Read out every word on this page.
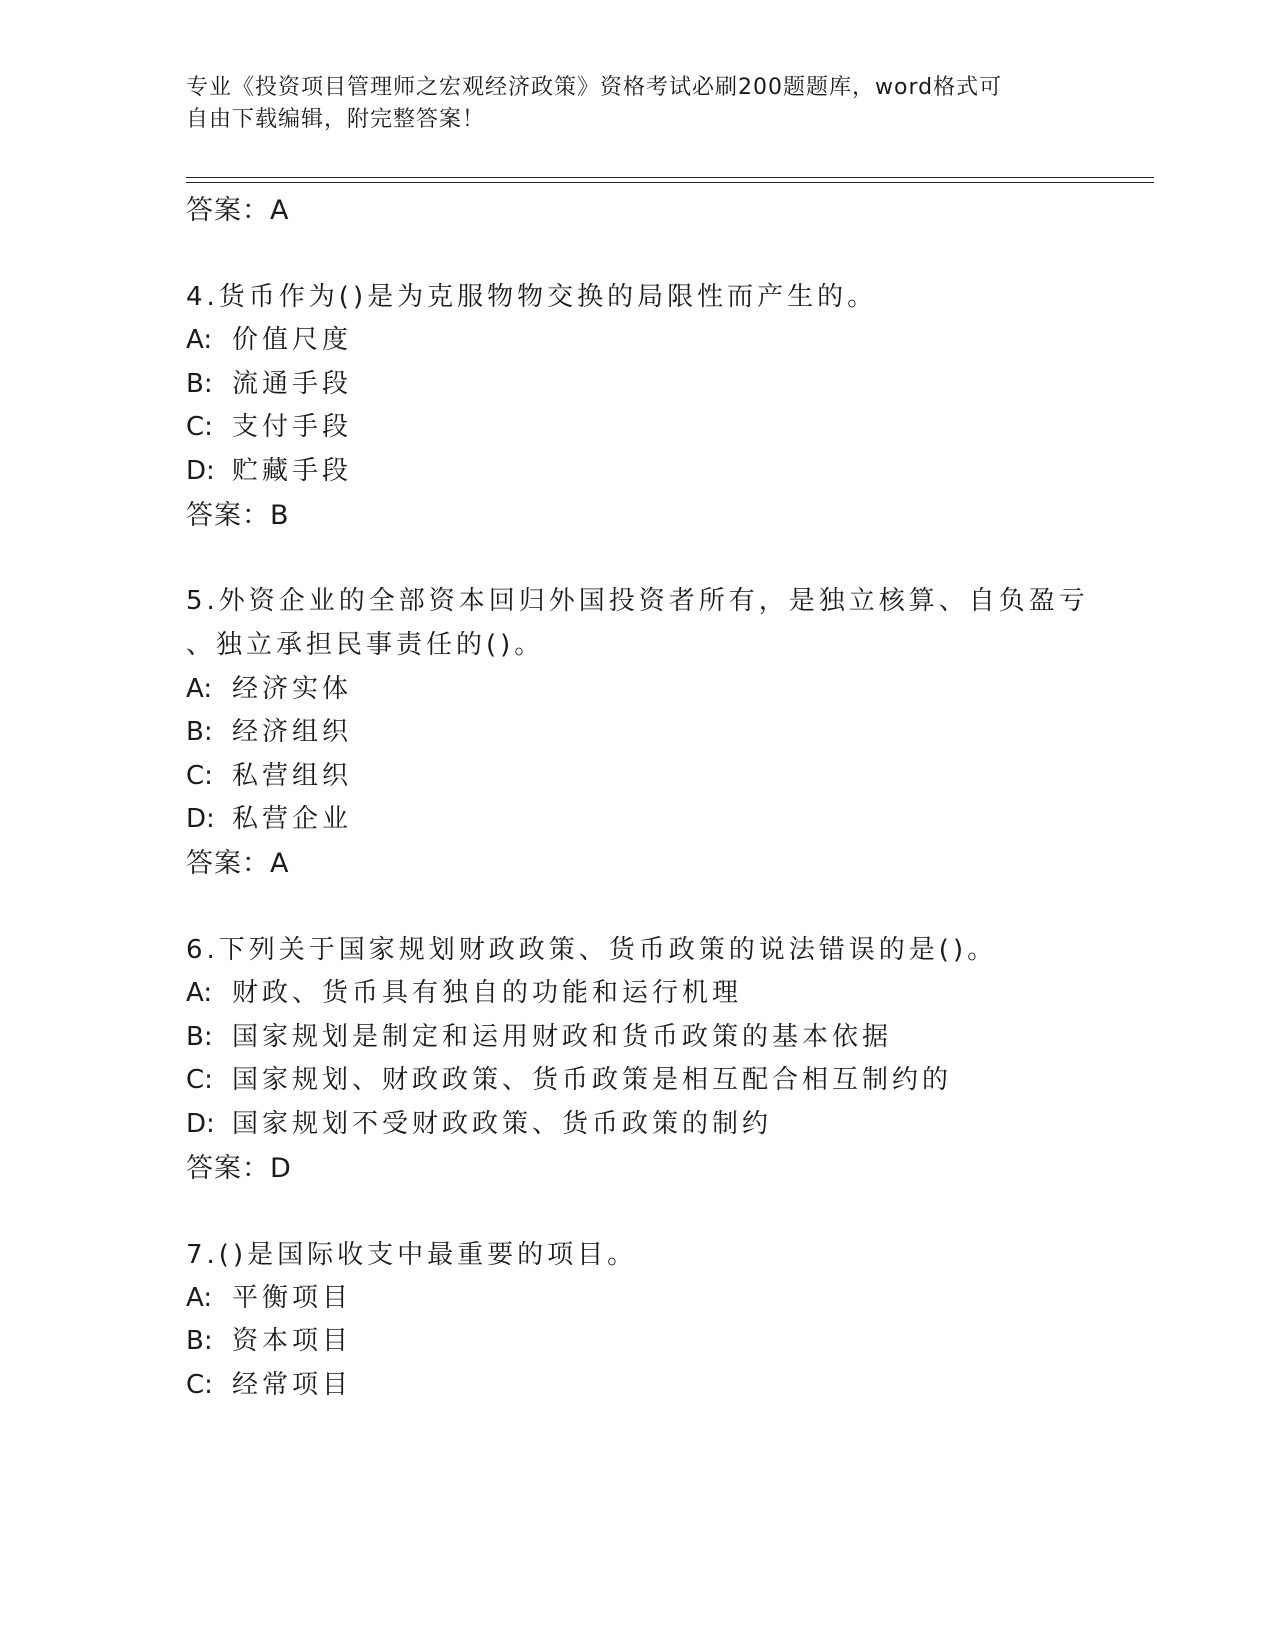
专业《投资项目管理师之宏观经济政策》资格考试必刷200题题库，word格式可
自由下载编辑，附完整答案！
答案：A
4.货币作为()是为克服物物交换的局限性而产生的。
A: 价值尺度
B: 流通手段
C: 支付手段
D: 贮藏手段
答案：B
5.外资企业的全部资本回归外国投资者所有，是独立核算、自负盈亏
、独立承担民事责任的()。
A: 经济实体
B: 经济组织
C: 私营组织
D: 私营企业
答案：A
6.下列关于国家规划财政政策、货币政策的说法错误的是()。
A: 财政、货币具有独自的功能和运行机理
B: 国家规划是制定和运用财政和货币政策的基本依据
C: 国家规划、财政政策、货币政策是相互配合相互制约的
D: 国家规划不受财政政策、货币政策的制约
答案：D
7.()是国际收支中最重要的项目。
A: 平衡项目
B: 资本项目
C: 经常项目
